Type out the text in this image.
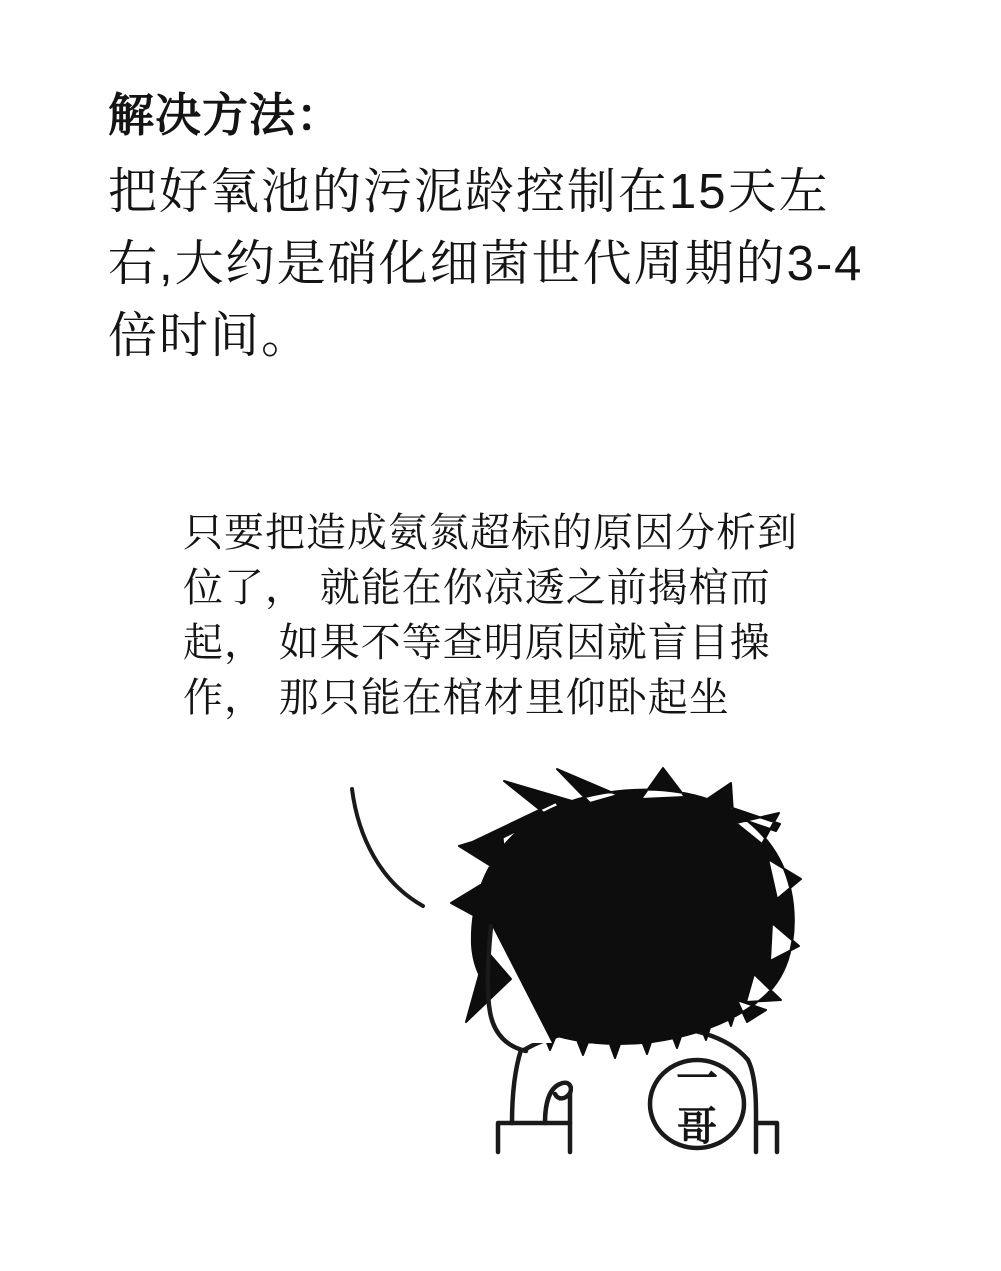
解决方法：
把好氧池的污泥龄控制在15天左
右,大约是硝化细菌世代周期的3-4
倍时间。
只要把造成氨氮超标的原因分析到
位了， 就能在你凉透之前揭棺而
起， 如果不等查明原因就盲目操
作， 那只能在棺材里仰卧起坐
一
哥
